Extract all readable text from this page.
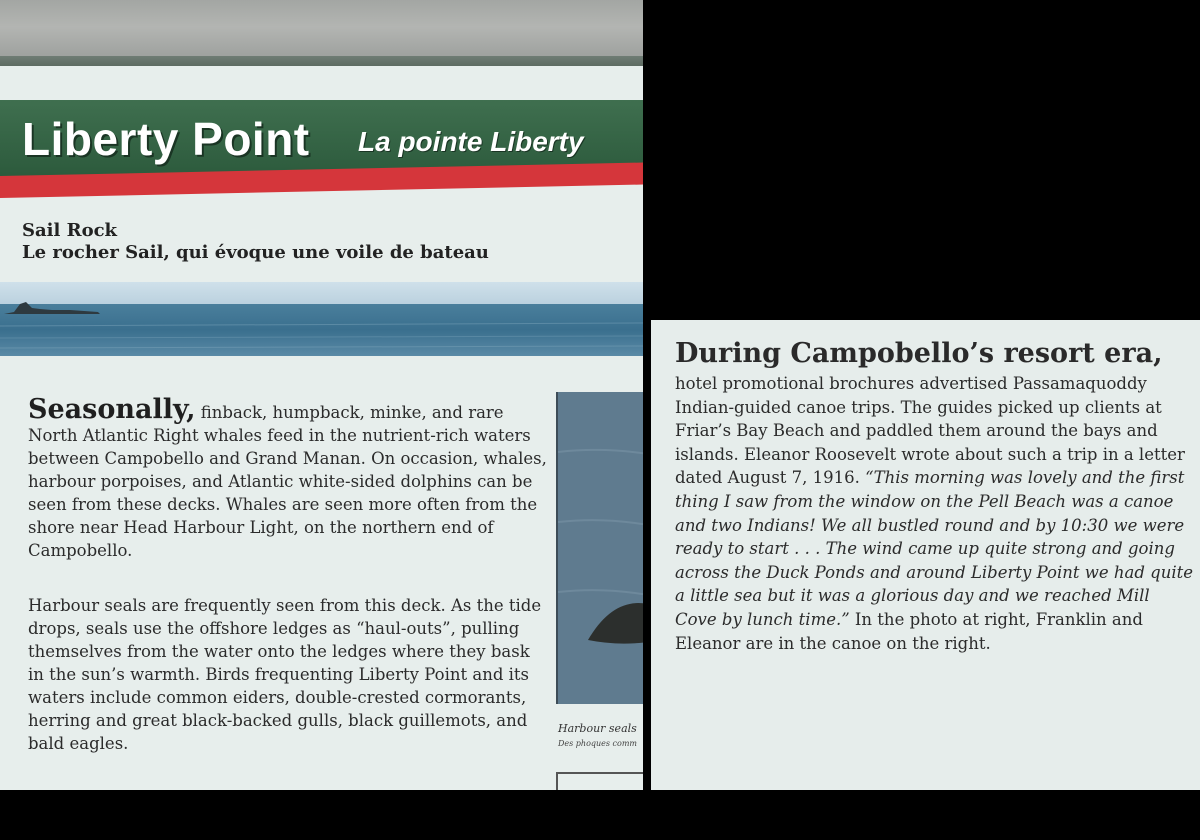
Liberty Point La pointe Liberty

Sail Rock

Le rocher Sail, qui évoque une voile de bateau

Seasonally, finback, humpback, minke, and rare North Atlantic Right whales feed in the nutrient-rich waters between Campobello and Grand Manan. On occasion, whales, harbour porpoises, and Atlantic white-sided dolphins can be seen from these decks. Whales are seen more often from the shore near Head Harbour Light, on the northern end of Campobello.

Harbour seals are frequently seen from this deck. As the tide drops, seals use the offshore ledges as “haul-outs”, pulling themselves from the water onto the ledges where they bask in the sun’s warmth. Birds frequenting Liberty Point and its waters include common eiders, double-crested cormorants, herring and great black-backed gulls, black guillemots, and bald eagles.

Harbour seals

Des phoques comm

During Campobello’s resort era,

hotel promotional brochures advertised Passamaquoddy Indian-guided canoe trips. The guides picked up clients at Friar’s Bay Beach and paddled them around the bays and islands. Eleanor Roosevelt wrote about such a trip in a letter dated August 7, 1916. “This morning was lovely and the first thing I saw from the window on the Pell Beach was a canoe and two Indians! We all bustled round and by 10:30 we were ready to start . . . The wind came up quite strong and going across the Duck Ponds and around Liberty Point we had quite a little sea but it was a glorious day and we reached Mill Cove by lunch time.” In the photo at right, Franklin and Eleanor are in the canoe on the right.
